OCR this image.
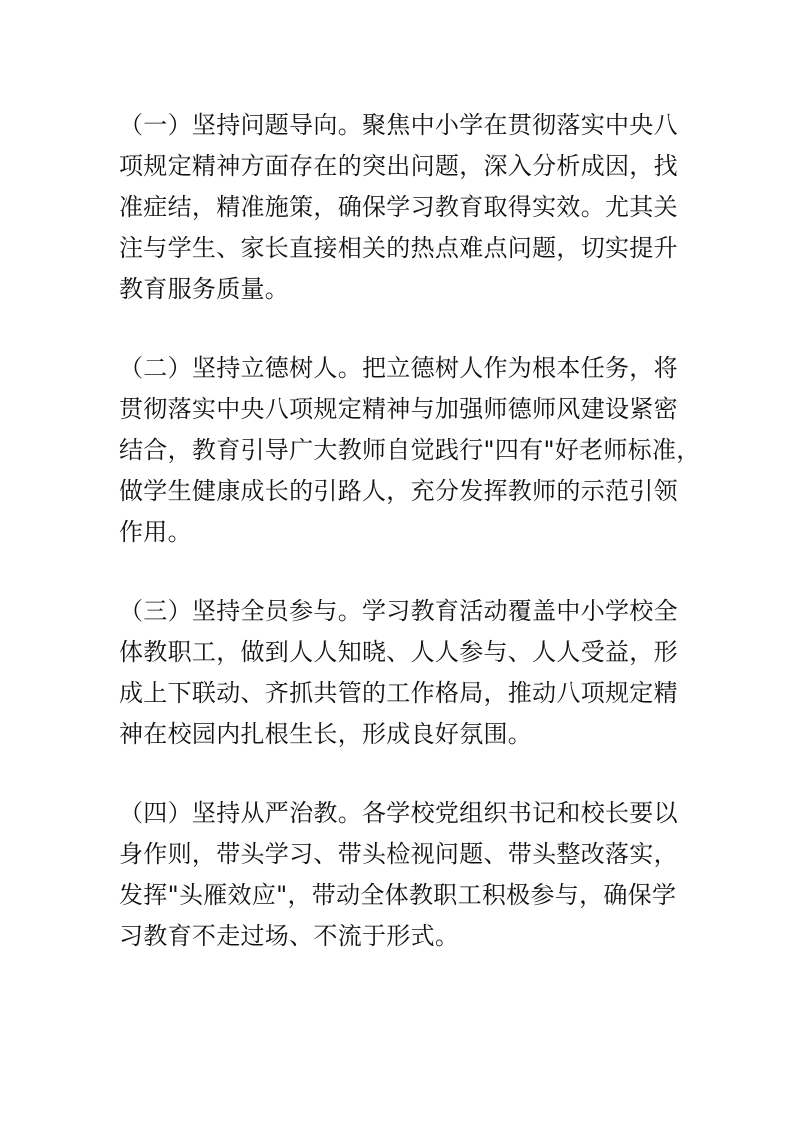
（一）坚持问题导向。聚焦中小学在贯彻落实中央八
项规定精神方面存在的突出问题，深入分析成因，找
准症结，精准施策，确保学习教育取得实效。尤其关
注与学生、家长直接相关的热点难点问题，切实提升
教育服务质量。
（二）坚持立德树人。把立德树人作为根本任务，将
贯彻落实中央八项规定精神与加强师德师风建设紧密
结合，教育引导广大教师自觉践行"四有"好老师标准，
做学生健康成长的引路人，充分发挥教师的示范引领
作用。
（三）坚持全员参与。学习教育活动覆盖中小学校全
体教职工，做到人人知晓、人人参与、人人受益，形
成上下联动、齐抓共管的工作格局，推动八项规定精
神在校园内扎根生长，形成良好氛围。
（四）坚持从严治教。各学校党组织书记和校长要以
身作则，带头学习、带头检视问题、带头整改落实，
发挥"头雁效应"，带动全体教职工积极参与，确保学
习教育不走过场、不流于形式。
